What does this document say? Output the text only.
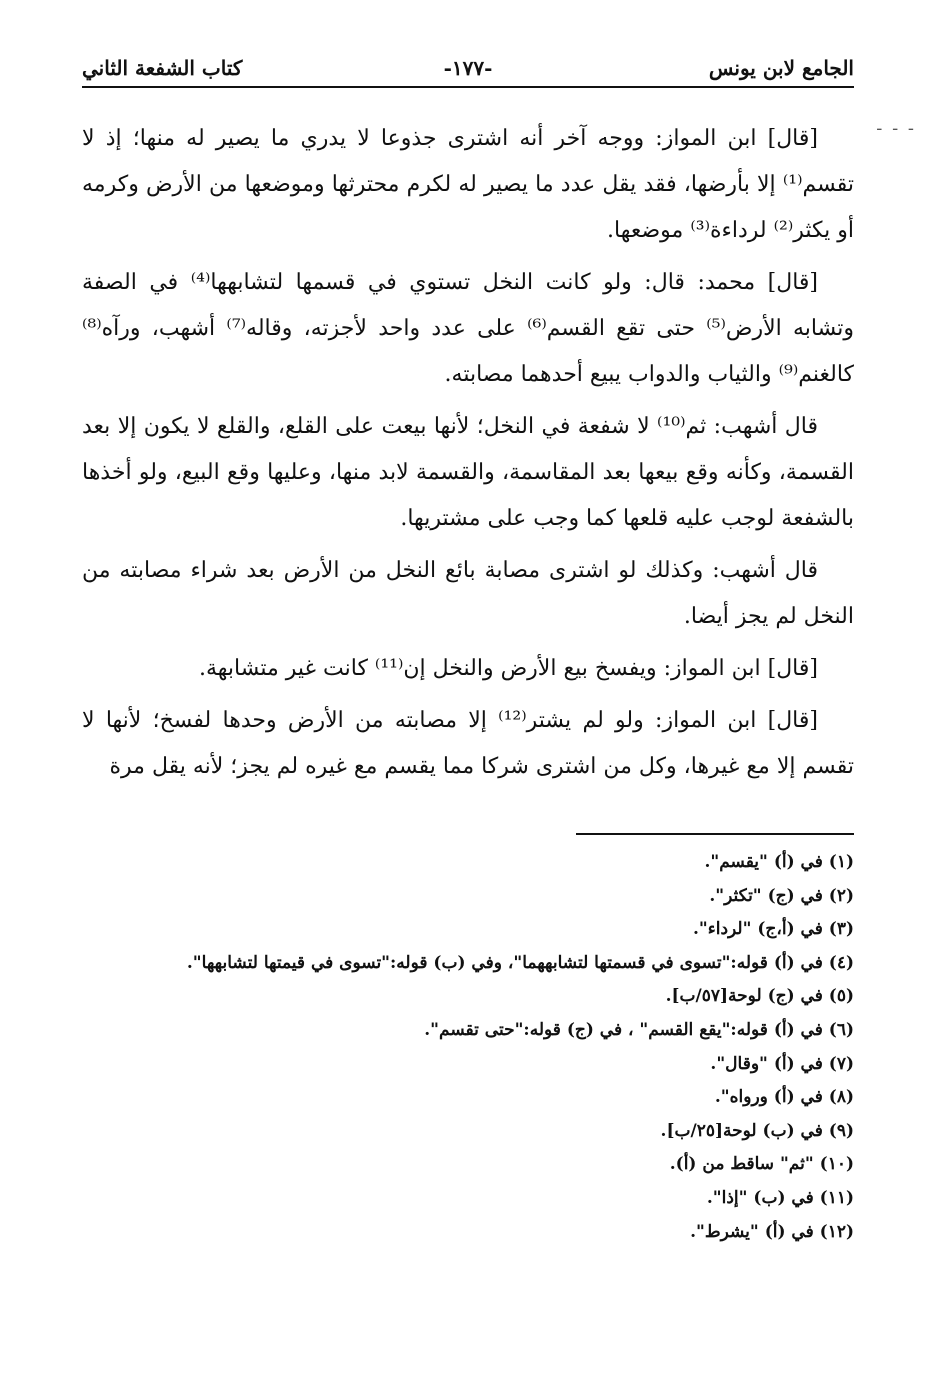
الجامع لابن يونس
-١٧٧-
كتاب الشفعة الثاني
- - -

[قال] ابن المواز: ووجه آخر أنه اشترى جذوعا لا يدري ما يصير له منها؛ إذ لا تقسم⁽¹⁾ إلا بأرضها، فقد يقل عدد ما يصير له لكرم محترثها وموضعها من الأرض وكرمه أو يكثر⁽²⁾ لرداءة⁽³⁾ موضعها.

[قال] محمد: قال: ولو كانت النخل تستوي في قسمها لتشابهها⁽⁴⁾ في الصفة وتشابه الأرض⁽⁵⁾ حتى تقع القسم⁽⁶⁾ على عدد واحد لأجزته، وقاله⁽⁷⁾ أشهب، ورآه⁽⁸⁾ كالغنم⁽⁹⁾ والثياب والدواب يبيع أحدهما مصابته.

قال أشهب: ثم⁽¹⁰⁾ لا شفعة في النخل؛ لأنها بيعت على القلع، والقلع لا يكون إلا بعد القسمة، وكأنه وقع بيعها بعد المقاسمة، والقسمة لابد منها، وعليها وقع البيع، ولو أخذها بالشفعة لوجب عليه قلعها كما وجب على مشتريها.

قال أشهب: وكذلك لو اشترى مصابة بائع النخل من الأرض بعد شراء مصابته من النخل لم يجز أيضا.

[قال] ابن المواز: ويفسخ بيع الأرض والنخل إن⁽¹¹⁾ كانت غير متشابهة.

[قال] ابن المواز: ولو لم يشتر⁽¹²⁾ إلا مصابته من الأرض وحدها لفسخ؛ لأنها لا تقسم إلا مع غيرها، وكل من اشترى شركا مما يقسم مع غيره لم يجز؛ لأنه يقل مرة

(١) في (أ) "يقسم".

(٢) في (ج) "تكثر".

(٣) في (أ،ج) "لرداء".

(٤) في (أ) قوله:"تسوى في قسمتها لتشابههما"، وفي (ب) قوله:"تسوى في قيمتها لتشابهها".

(٥) في (ج) لوحة[٥٧/ب].

(٦) في (أ) قوله:"يقع القسم" ، في (ج) قوله:"حتى تقسم".

(٧) في (أ) "وقال".

(٨) في (أ) ورواه".

(٩) في (ب) لوحة[٢٥/ب].

(١٠) "ثم" ساقط من (أ).

(١١) في (ب) "إذا".

(١٢) في (أ) "يشرط".
